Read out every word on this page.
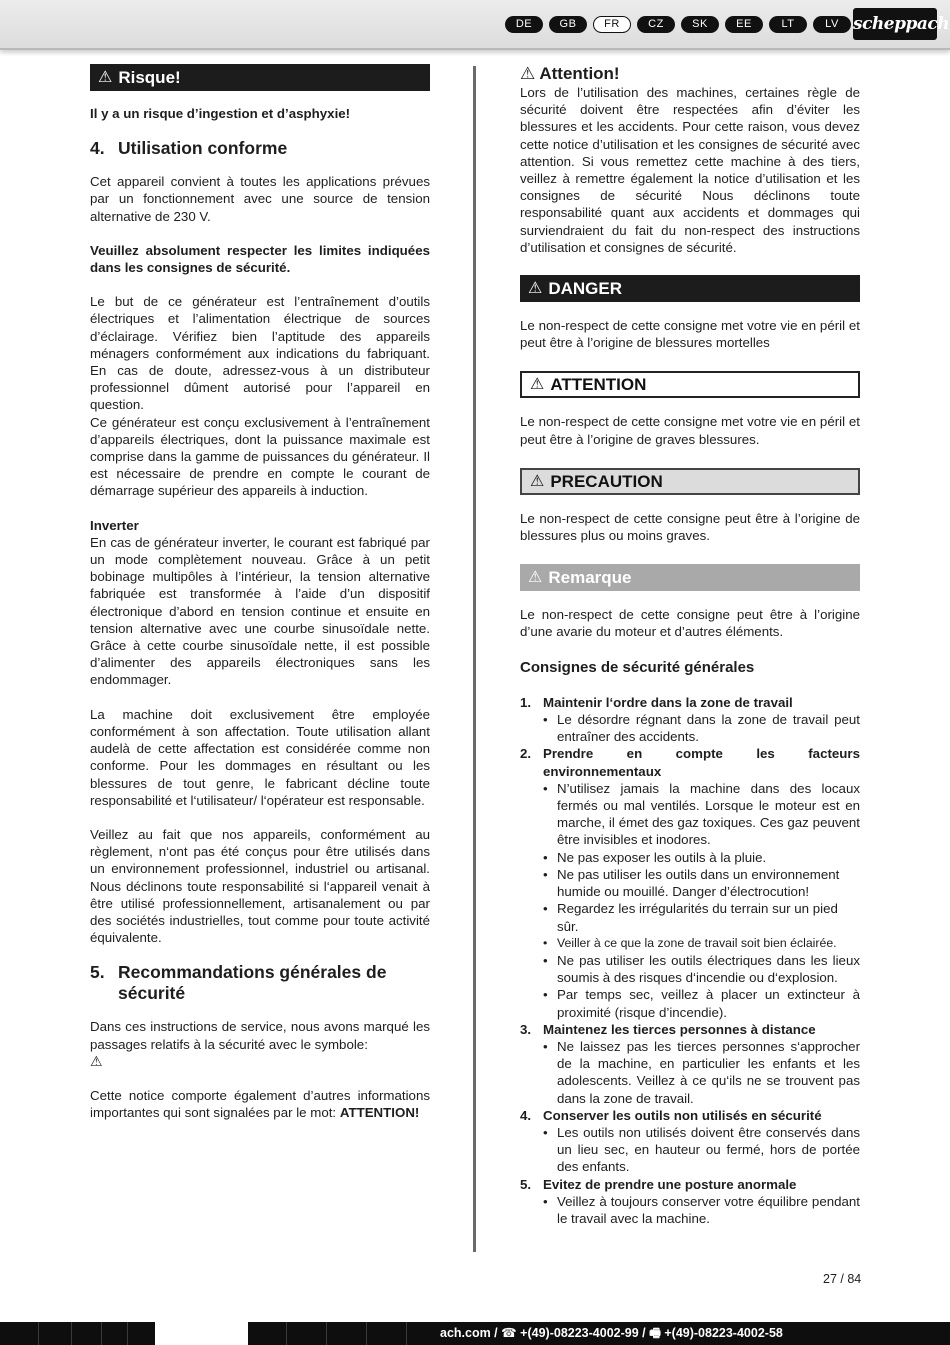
DE	GB	FR	CZ	SK	EE	LT	LV scheppach
⚠ Risque!

Il y a un risque d’ingestion et d’asphyxie!

4. Utilisation conforme

Cet appareil convient à toutes les applications prévues par un fonctionnement avec une source de tension alternative de 230 V.

Veuillez absolument respecter les limites indiquées dans les consignes de sécurité.

Le but de ce générateur est l’entraînement d’outils électriques et l’alimentation électrique de sources d’éclairage. Vérifiez bien l’aptitude des appareils ménagers conformément aux indications du fabriquant. En cas de doute, adressez-vous à un distributeur professionnel dûment autorisé pour l’appareil en question.

Ce générateur est conçu exclusivement à l’entraînement d’appareils électriques, dont la puissance maximale est comprise dans la gamme de puissances du générateur. Il est nécessaire de prendre en compte le courant de démarrage supérieur des appareils à induction.

Inverter

En cas de générateur inverter, le courant est fabriqué par un mode complètement nouveau. Grâce à un petit bobinage multipôles à l’intérieur, la tension alternative fabriquée est transformée à l’aide d’un dispositif électronique d’abord en tension continue et ensuite en tension alternative avec une courbe sinusoïdale nette. Grâce à cette courbe sinusoïdale nette, il est possible d’alimenter des appareils électroniques sans les endommager.

La machine doit exclusivement être employée conformément à son affectation. Toute utilisation allant audelà de cette affectation est considérée comme non conforme. Pour les dommages en résultant ou les blessures de tout genre, le fabricant décline toute responsabilité et l‘utilisateur/ l‘opérateur est responsable.

Veillez au fait que nos appareils, conformément au règlement, n‘ont pas été conçus pour être utilisés dans un environnement professionnel, industriel ou artisanal. Nous déclinons toute responsabilité si l‘appareil venait à être utilisé professionnellement, artisanalement ou par des sociétés industrielles, tout comme pour toute activité équivalente.

5. Recommandations générales de sécurité

Dans ces instructions de service, nous avons marqué les passages relatifs à la sécurité avec le symbole:

⚠

Cette notice comporte également d’autres informations importantes qui sont signalées par le mot: ATTENTION!

⚠ Attention!

Lors de l’utilisation des machines, certaines règle de sécurité doivent être respectées afin d’éviter les blessures et les accidents. Pour cette raison, vous devez cette notice d’utilisation et les consignes de sécurité avec attention. Si vous remettez cette machine à des tiers, veillez à remettre également la notice d’utilisation et les consignes de sécurité Nous déclinons toute responsabilité quant aux accidents et dommages qui surviendraient du fait du non-respect des instructions d’utilisation et consignes de sécurité.

⚠ DANGER

Le non-respect de cette consigne met votre vie en péril et peut être à l’origine de blessures mortelles

⚠ ATTENTION

Le non-respect de cette consigne met votre vie en péril et peut être à l’origine de graves blessures.

⚠ PRECAUTION

Le non-respect de cette consigne peut être à l’origine de blessures plus ou moins graves.

⚠ Remarque

Le non-respect de cette consigne peut être à l’origine d’une avarie du moteur et d’autres éléments.

Consignes de sécurité générales

1. Maintenir l‘ordre dans la zone de travail
• Le désordre régnant dans la zone de travail peut entraîner des accidents.
2. Prendre en compte les facteurs environnementaux
• N’utilisez jamais la machine dans des locaux fermés ou mal ventilés. Lorsque le moteur est en marche, il émet des gaz toxiques. Ces gaz peuvent être invisibles et inodores.
• Ne pas exposer les outils à la pluie.
• Ne pas utiliser les outils dans un environnement humide ou mouillé. Danger d’électrocution!
• Regardez les irrégularités du terrain sur un pied sûr.
• Veiller à ce que la zone de travail soit bien éclairée.
• Ne pas utiliser les outils électriques dans les lieux soumis à des risques d‘incendie ou d‘explosion.
• Par temps sec, veillez à placer un extincteur à proximité (risque d’incendie).
3. Maintenez les tierces personnes à distance
• Ne laissez pas les tierces personnes s‘approcher de la machine, en particulier les enfants et les adolescents. Veillez à ce qu‘ils ne se trouvent pas dans la zone de travail.
4. Conserver les outils non utilisés en sécurité
• Les outils non utilisés doivent être conservés dans un lieu sec, en hauteur ou fermé, hors de portée des enfants.
5. Evitez de prendre une posture anormale
• Veillez à toujours conserver votre équilibre pendant le travail avec la machine.
27 / 84
ach.com / ☎ +(49)-08223-4002-99 / 🖷 +(49)-08223-4002-58
